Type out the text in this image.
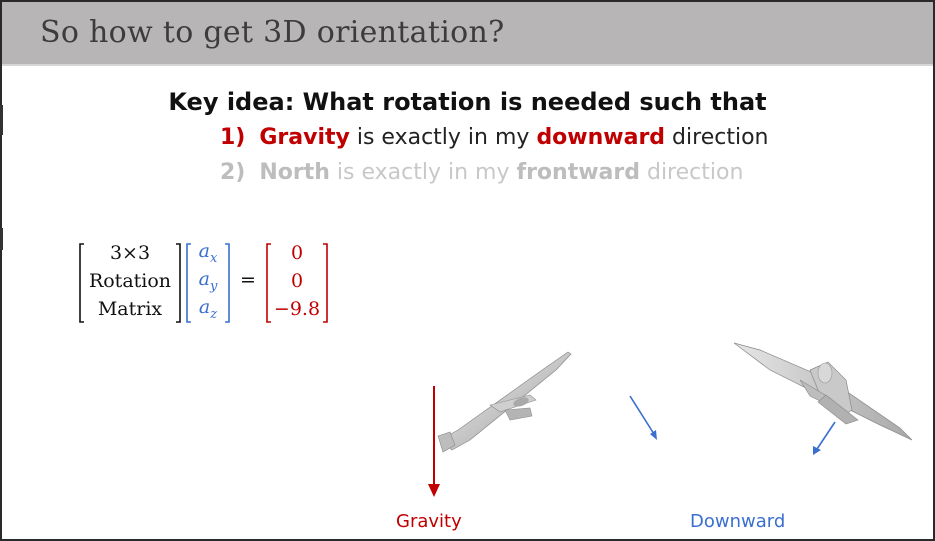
So how to get 3D orientation?
Key idea: What rotation is needed such that
1) Gravity is exactly in my downward direction
2) North is exactly in my frontward direction
3×3
Rotation
Matrix
$a_x$
$a_y$
$a_z$
=
0
0
−9.8
Gravity	Downward
